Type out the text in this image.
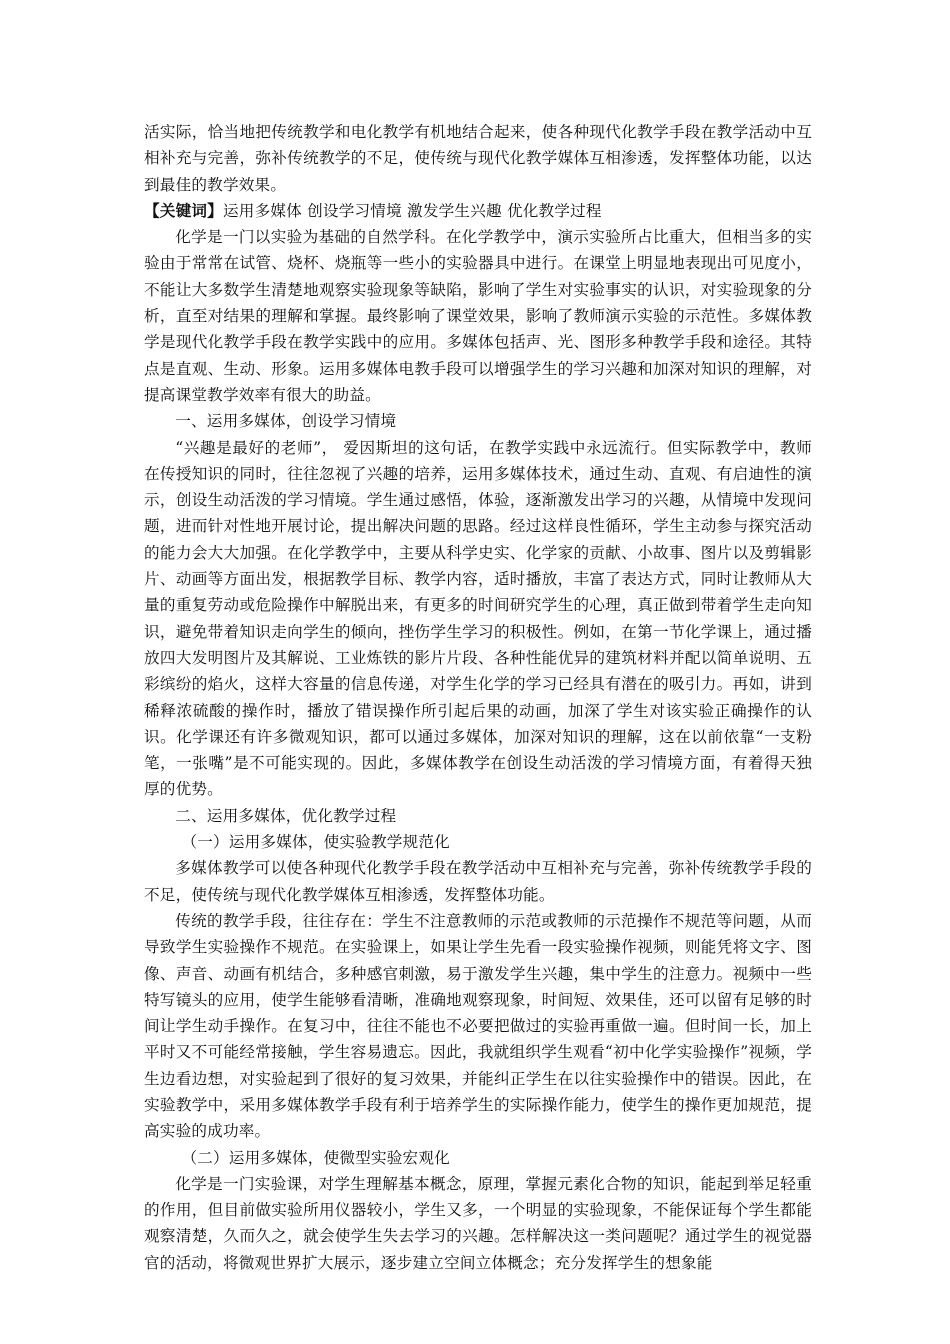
活实际，恰当地把传统教学和电化教学有机地结合起来，使各种现代化教学手段在教学活动中互相补充与完善，弥补传统教学的不足，使传统与现代化教学媒体互相渗透，发挥整体功能，以达到最佳的教学效果。

【关键词】运用多媒体 创设学习情境 激发学生兴趣 优化教学过程

化学是一门以实验为基础的自然学科。在化学教学中，演示实验所占比重大，但相当多的实验由于常常在试管、烧杯、烧瓶等一些小的实验器具中进行。在课堂上明显地表现出可见度小，不能让大多数学生清楚地观察实验现象等缺陷，影响了学生对实验事实的认识，对实验现象的分析，直至对结果的理解和掌握。最终影响了课堂效果，影响了教师演示实验的示范性。多媒体教学是现代化教学手段在教学实践中的应用。多媒体包括声、光、图形多种教学手段和途径。其特点是直观、生动、形象。运用多媒体电教手段可以增强学生的学习兴趣和加深对知识的理解，对提高课堂教学效率有很大的助益。

一、运用多媒体，创设学习情境

“兴趣是最好的老师”， 爱因斯坦的这句话，在教学实践中永远流行。但实际教学中，教师在传授知识的同时，往往忽视了兴趣的培养，运用多媒体技术，通过生动、直观、有启迪性的演示，创设生动活泼的学习情境。学生通过感悟，体验，逐渐激发出学习的兴趣，从情境中发现问题，进而针对性地开展讨论，提出解决问题的思路。经过这样良性循环，学生主动参与探究活动的能力会大大加强。在化学教学中，主要从科学史实、化学家的贡献、小故事、图片以及剪辑影片、动画等方面出发，根据教学目标、教学内容，适时播放，丰富了表达方式，同时让教师从大量的重复劳动或危险操作中解脱出来，有更多的时间研究学生的心理，真正做到带着学生走向知识，避免带着知识走向学生的倾向，挫伤学生学习的积极性。例如，在第一节化学课上，通过播放四大发明图片及其解说、工业炼铁的影片片段、各种性能优异的建筑材料并配以简单说明、五彩缤纷的焰火，这样大容量的信息传递，对学生化学的学习已经具有潜在的吸引力。再如，讲到稀释浓硫酸的操作时，播放了错误操作所引起后果的动画，加深了学生对该实验正确操作的认识。化学课还有许多微观知识，都可以通过多媒体，加深对知识的理解，这在以前依靠“一支粉笔，一张嘴”是不可能实现的。因此，多媒体教学在创设生动活泼的学习情境方面，有着得天独厚的优势。

二、运用多媒体，优化教学过程

（一）运用多媒体，使实验教学规范化

多媒体教学可以使各种现代化教学手段在教学活动中互相补充与完善，弥补传统教学手段的不足，使传统与现代化教学媒体互相渗透，发挥整体功能。

传统的教学手段，往往存在：学生不注意教师的示范或教师的示范操作不规范等问题，从而导致学生实验操作不规范。在实验课上，如果让学生先看一段实验操作视频，则能凭将文字、图像、声音、动画有机结合，多种感官刺激，易于激发学生兴趣，集中学生的注意力。视频中一些特写镜头的应用，使学生能够看清晰，准确地观察现象，时间短、效果佳，还可以留有足够的时间让学生动手操作。在复习中，往往不能也不必要把做过的实验再重做一遍。但时间一长，加上平时又不可能经常接触，学生容易遗忘。因此，我就组织学生观看“初中化学实验操作”视频，学生边看边想，对实验起到了很好的复习效果，并能纠正学生在以往实验操作中的错误。因此，在实验教学中，采用多媒体教学手段有利于培养学生的实际操作能力，使学生的操作更加规范，提高实验的成功率。

（二）运用多媒体，使微型实验宏观化

化学是一门实验课，对学生理解基本概念，原理，掌握元素化合物的知识，能起到举足轻重的作用，但目前做实验所用仪器较小，学生又多，一个明显的实验现象，不能保证每个学生都能观察清楚，久而久之，就会使学生失去学习的兴趣。怎样解决这一类问题呢？通过学生的视觉器官的活动，将微观世界扩大展示，逐步建立空间立体概念；充分发挥学生的想象能
